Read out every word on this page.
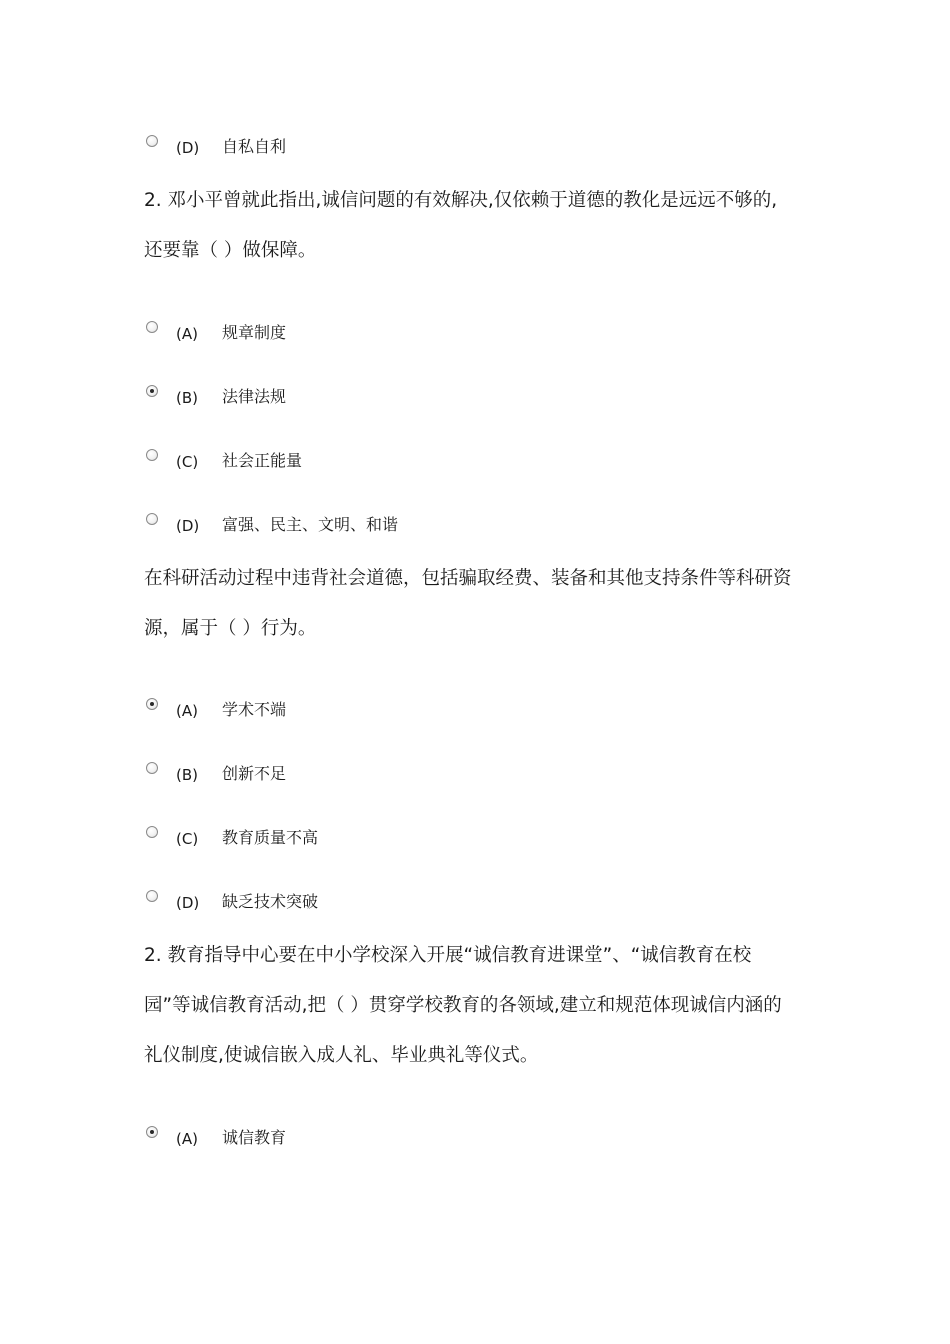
(D) 自私自利
2. 邓小平曾就此指出,诚信问题的有效解决,仅依赖于道德的教化是远远不够的,
还要靠（ ）做保障。
(A) 规章制度
(B) 法律法规
(C) 社会正能量
(D) 富强、民主、文明、和谐
在科研活动过程中违背社会道德，包括骗取经费、装备和其他支持条件等科研资
源，属于（ ）行为。
(A) 学术不端
(B) 创新不足
(C) 教育质量不高
(D) 缺乏技术突破
2. 教育指导中心要在中小学校深入开展“诚信教育进课堂”、“诚信教育在校
园”等诚信教育活动,把（ ）贯穿学校教育的各领域,建立和规范体现诚信内涵的
礼仪制度,使诚信嵌入成人礼、毕业典礼等仪式。
(A) 诚信教育
